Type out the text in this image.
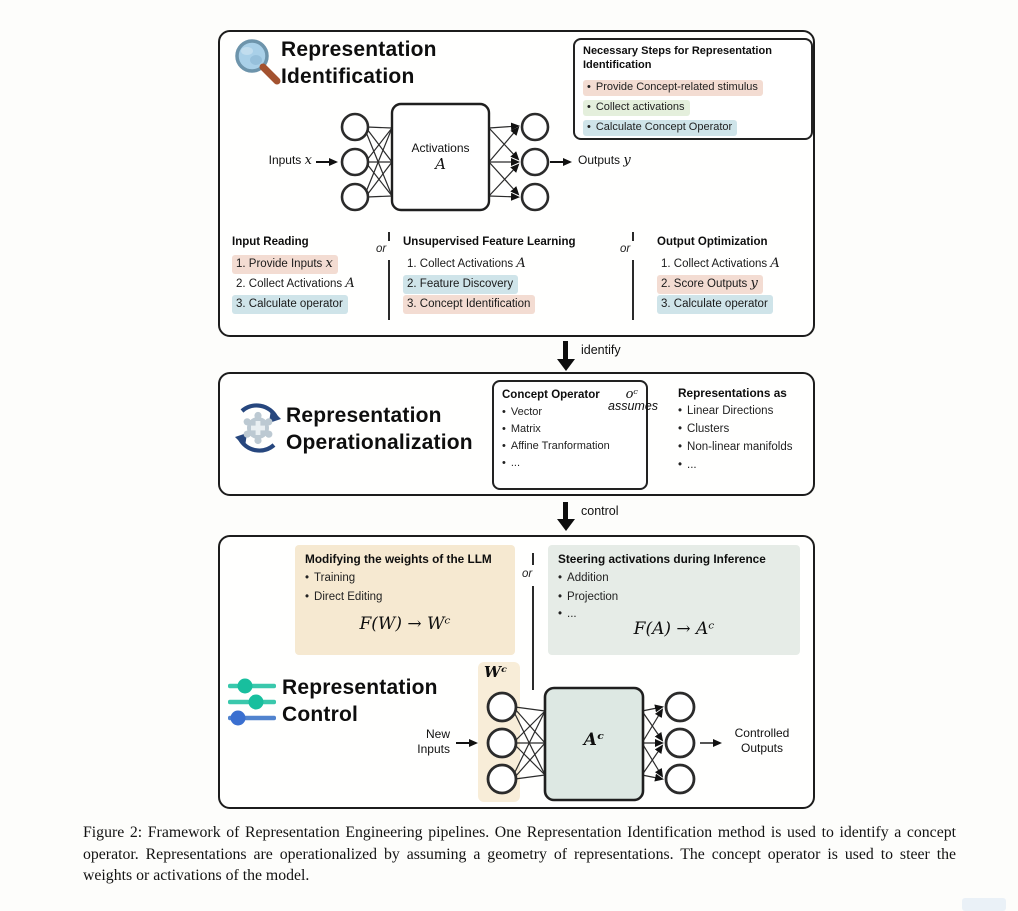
Representation
Identification
Necessary Steps for Representation Identification
• Provide Concept-related stimulus • Collect activations • Calculate Concept Operator
Inputs x
Activations
A	Outputs y
Input Reading
1. Provide Inputs x
2. Collect Activations A
3. Calculate operator
or
Unsupervised Feature Learning
1. Collect Activations A
2. Feature Discovery
3. Concept Identification
or
Output Optimization
1. Collect Activations A
2. Score Outputs y
3. Calculate operator
identify
Representation
Operationalization
Concept Operator oᶜ
• Vector
• Matrix
• Affine Tranformation
• ...
assumes
Representations as
• Linear Directions
• Clusters
• Non-linear manifolds
• ...
control
Modifying the weights of the LLM
• Training
• Direct Editing
F(W) → Wᶜ
or
Steering activations during Inference
• Addition
• Projection
• ...
F(A) → Aᶜ
Representation
Control
Wᶜ
Aᶜ
New
Inputs
Controlled
Outputs

Figure 2: Framework of Representation Engineering pipelines. One Representation Identification method is used to identify a concept operator. Representations are operationalized by assuming a geometry of representations. The concept operator is used to steer the weights or activations of the model.
